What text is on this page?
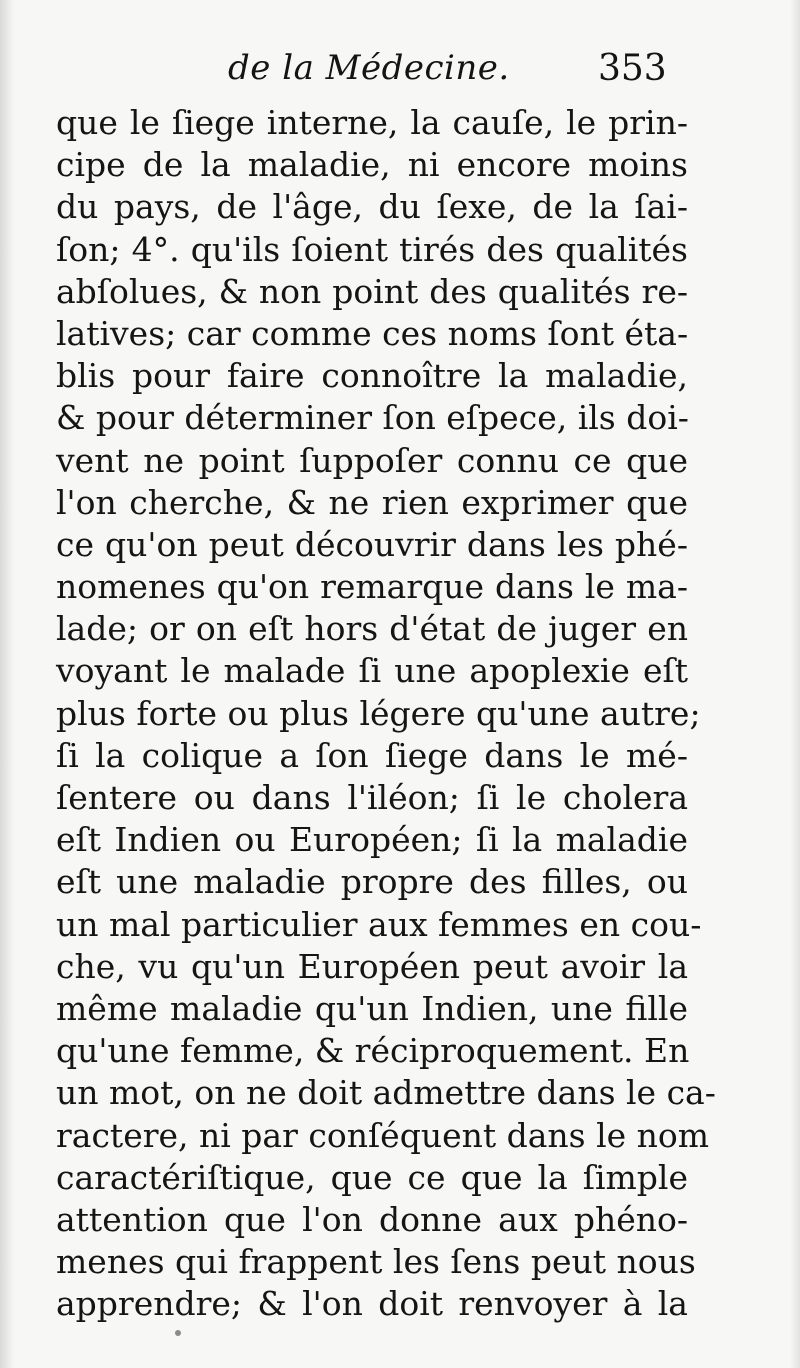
de la Médecine. 353
que le ſiege interne, la cauſe, le prin-
cipe de la maladie, ni encore moins
du pays, de l'âge, du ſexe, de la ſai-
ſon; 4°. qu'ils ſoient tirés des qualités
abſolues, & non point des qualités re-
latives; car comme ces noms ſont éta-
blis pour faire connoître la maladie,
& pour déterminer ſon eſpece, ils doi-
vent ne point ſuppoſer connu ce que
l'on cherche, & ne rien exprimer que
ce qu'on peut découvrir dans les phé-
nomenes qu'on remarque dans le ma-
lade; or on eſt hors d'état de juger en
voyant le malade ſi une apoplexie eſt
plus forte ou plus légere qu'une autre;
ſi la colique a ſon ſiege dans le mé-
ſentere ou dans l'iléon; ſi le cholera
eſt Indien ou Européen; ſi la maladie
eſt une maladie propre des filles, ou
un mal particulier aux femmes en cou-
che, vu qu'un Européen peut avoir la
même maladie qu'un Indien, une fille
qu'une femme, & réciproquement. En
un mot, on ne doit admettre dans le ca-
ractere, ni par conſéquent dans le nom
caractériſtique, que ce que la ſimple
attention que l'on donne aux phéno-
menes qui frappent les ſens peut nous
apprendre; & l'on doit renvoyer à la
